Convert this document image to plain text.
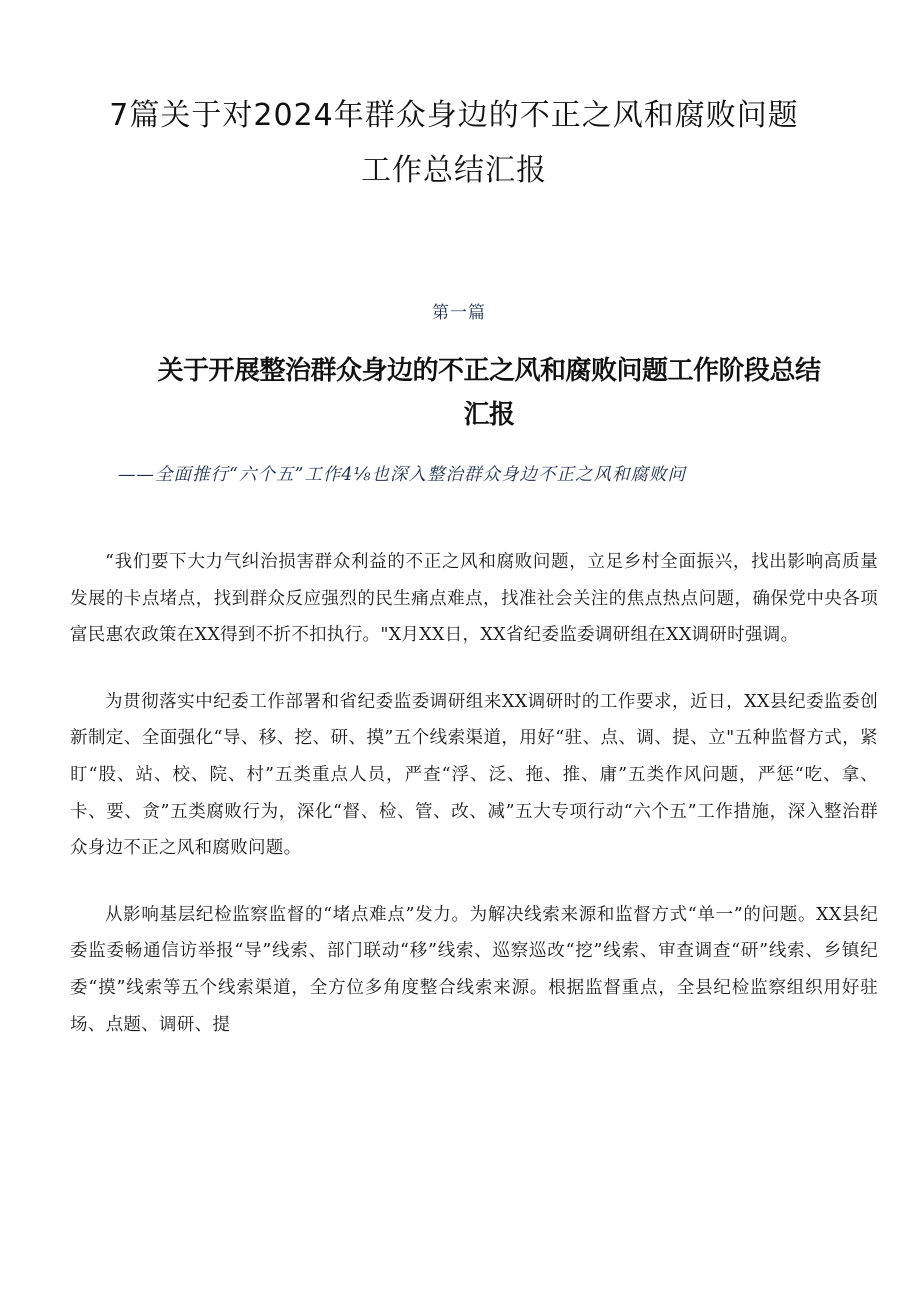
7篇关于对2024年群众身边的不正之风和腐败问题
工作总结汇报
第一篇
关于开展整治群众身边的不正之风和腐败问题工作阶段总结
汇报
——全面推行“六个五”工作4⅛也深入整治群众身边不正之风和腐败问

“我们要下大力气纠治损害群众利益的不正之风和腐败问题，立足乡村全面振兴，找出影响高质量发展的卡点堵点，找到群众反应强烈的民生痛点难点，找准社会关注的焦点热点问题，确保党中央各项富民惠农政策在XX得到不折不扣执行。"X月XX日，XX省纪委监委调研组在XX调研时强调。

为贯彻落实中纪委工作部署和省纪委监委调研组来XX调研时的工作要求，近日，XX县纪委监委创新制定、全面强化“导、移、挖、研、摸”五个线索渠道，用好“驻、点、调、提、立"五种监督方式，紧盯“股、站、校、院、村”五类重点人员，严查“浮、泛、拖、推、庸”五类作风问题，严惩“吃、拿、卡、要、贪”五类腐败行为，深化“督、检、管、改、减”五大专项行动“六个五”工作措施，深入整治群众身边不正之风和腐败问题。

从影响基层纪检监察监督的“堵点难点”发力。为解决线索来源和监督方式“单一”的问题。XX县纪委监委畅通信访举报“导”线索、部门联动“移”线索、巡察巡改“挖”线索、审查调查“研”线索、乡镇纪委“摸”线索等五个线索渠道，全方位多角度整合线索来源。根据监督重点，全县纪检监察组织用好驻场、点题、调研、提
